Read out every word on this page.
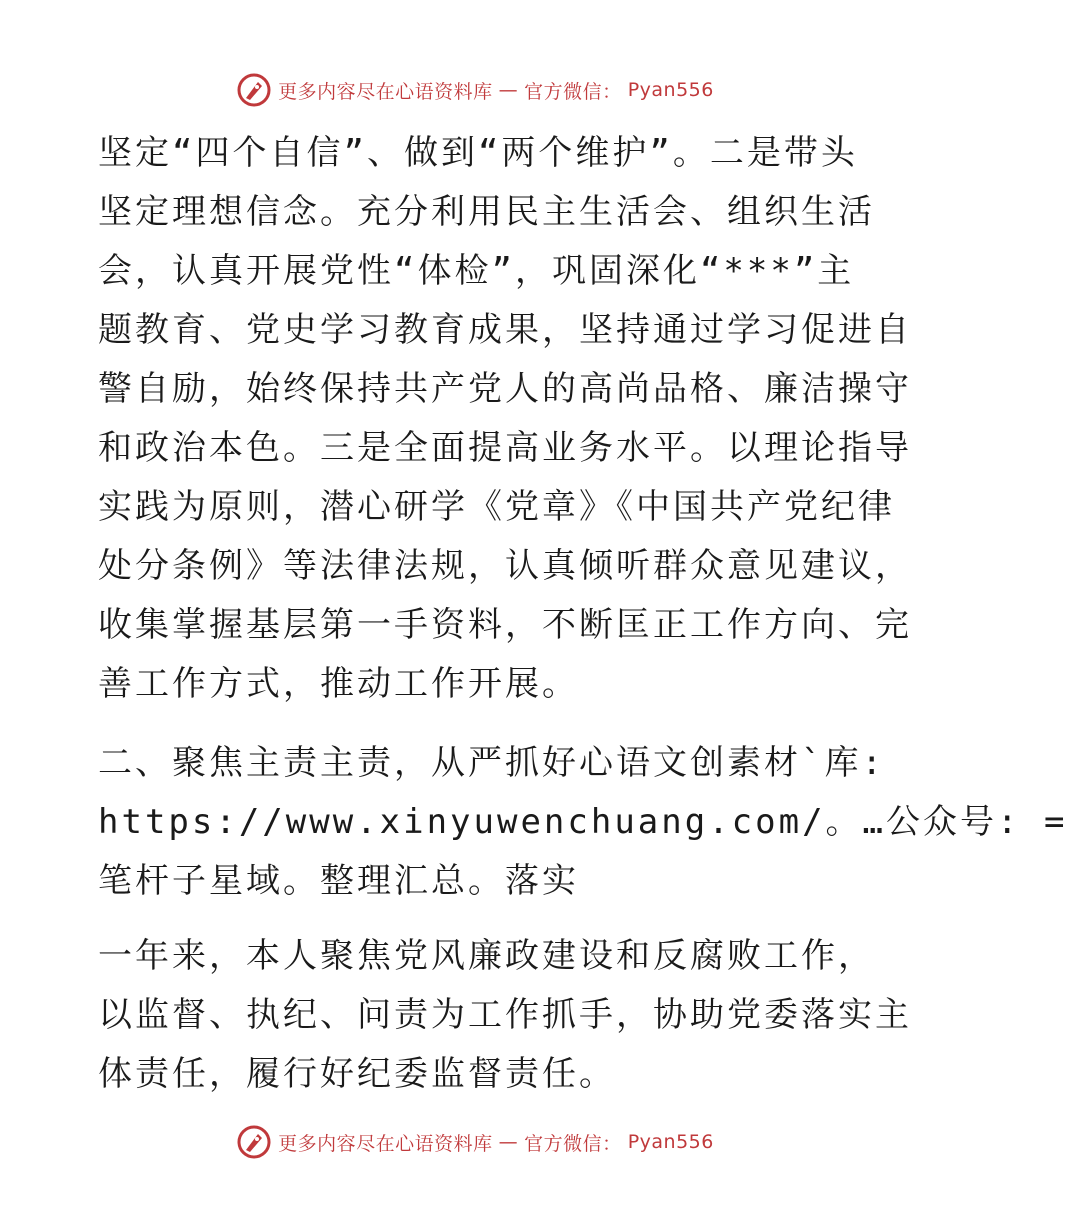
更多内容尽在心语资料库 — 官方微信： Pyan556
坚定“四个自信”、做到“两个维护”。二是带头
坚定理想信念。充分利用民主生活会、组织生活
会，认真开展党性“体检”，巩固深化“***”主
题教育、党史学习教育成果，坚持通过学习促进自
警自励，始终保持共产党人的高尚品格、廉洁操守
和政治本色。三是全面提高业务水平。以理论指导
实践为原则，潜心研学《党章》《中国共产党纪律
处分条例》等法律法规，认真倾听群众意见建议，
收集掌握基层第一手资料，不断匡正工作方向、完
善工作方式，推动工作开展。
二、聚焦主责主责，从严抓好心语文创素材`库:
https://www.xinyuwenchuang.com/。…公众号: =
笔杆子星域。整理汇总。落实
一年来，本人聚焦党风廉政建设和反腐败工作，
以监督、执纪、问责为工作抓手，协助党委落实主
体责任，履行好纪委监督责任。
更多内容尽在心语资料库 — 官方微信： Pyan556
